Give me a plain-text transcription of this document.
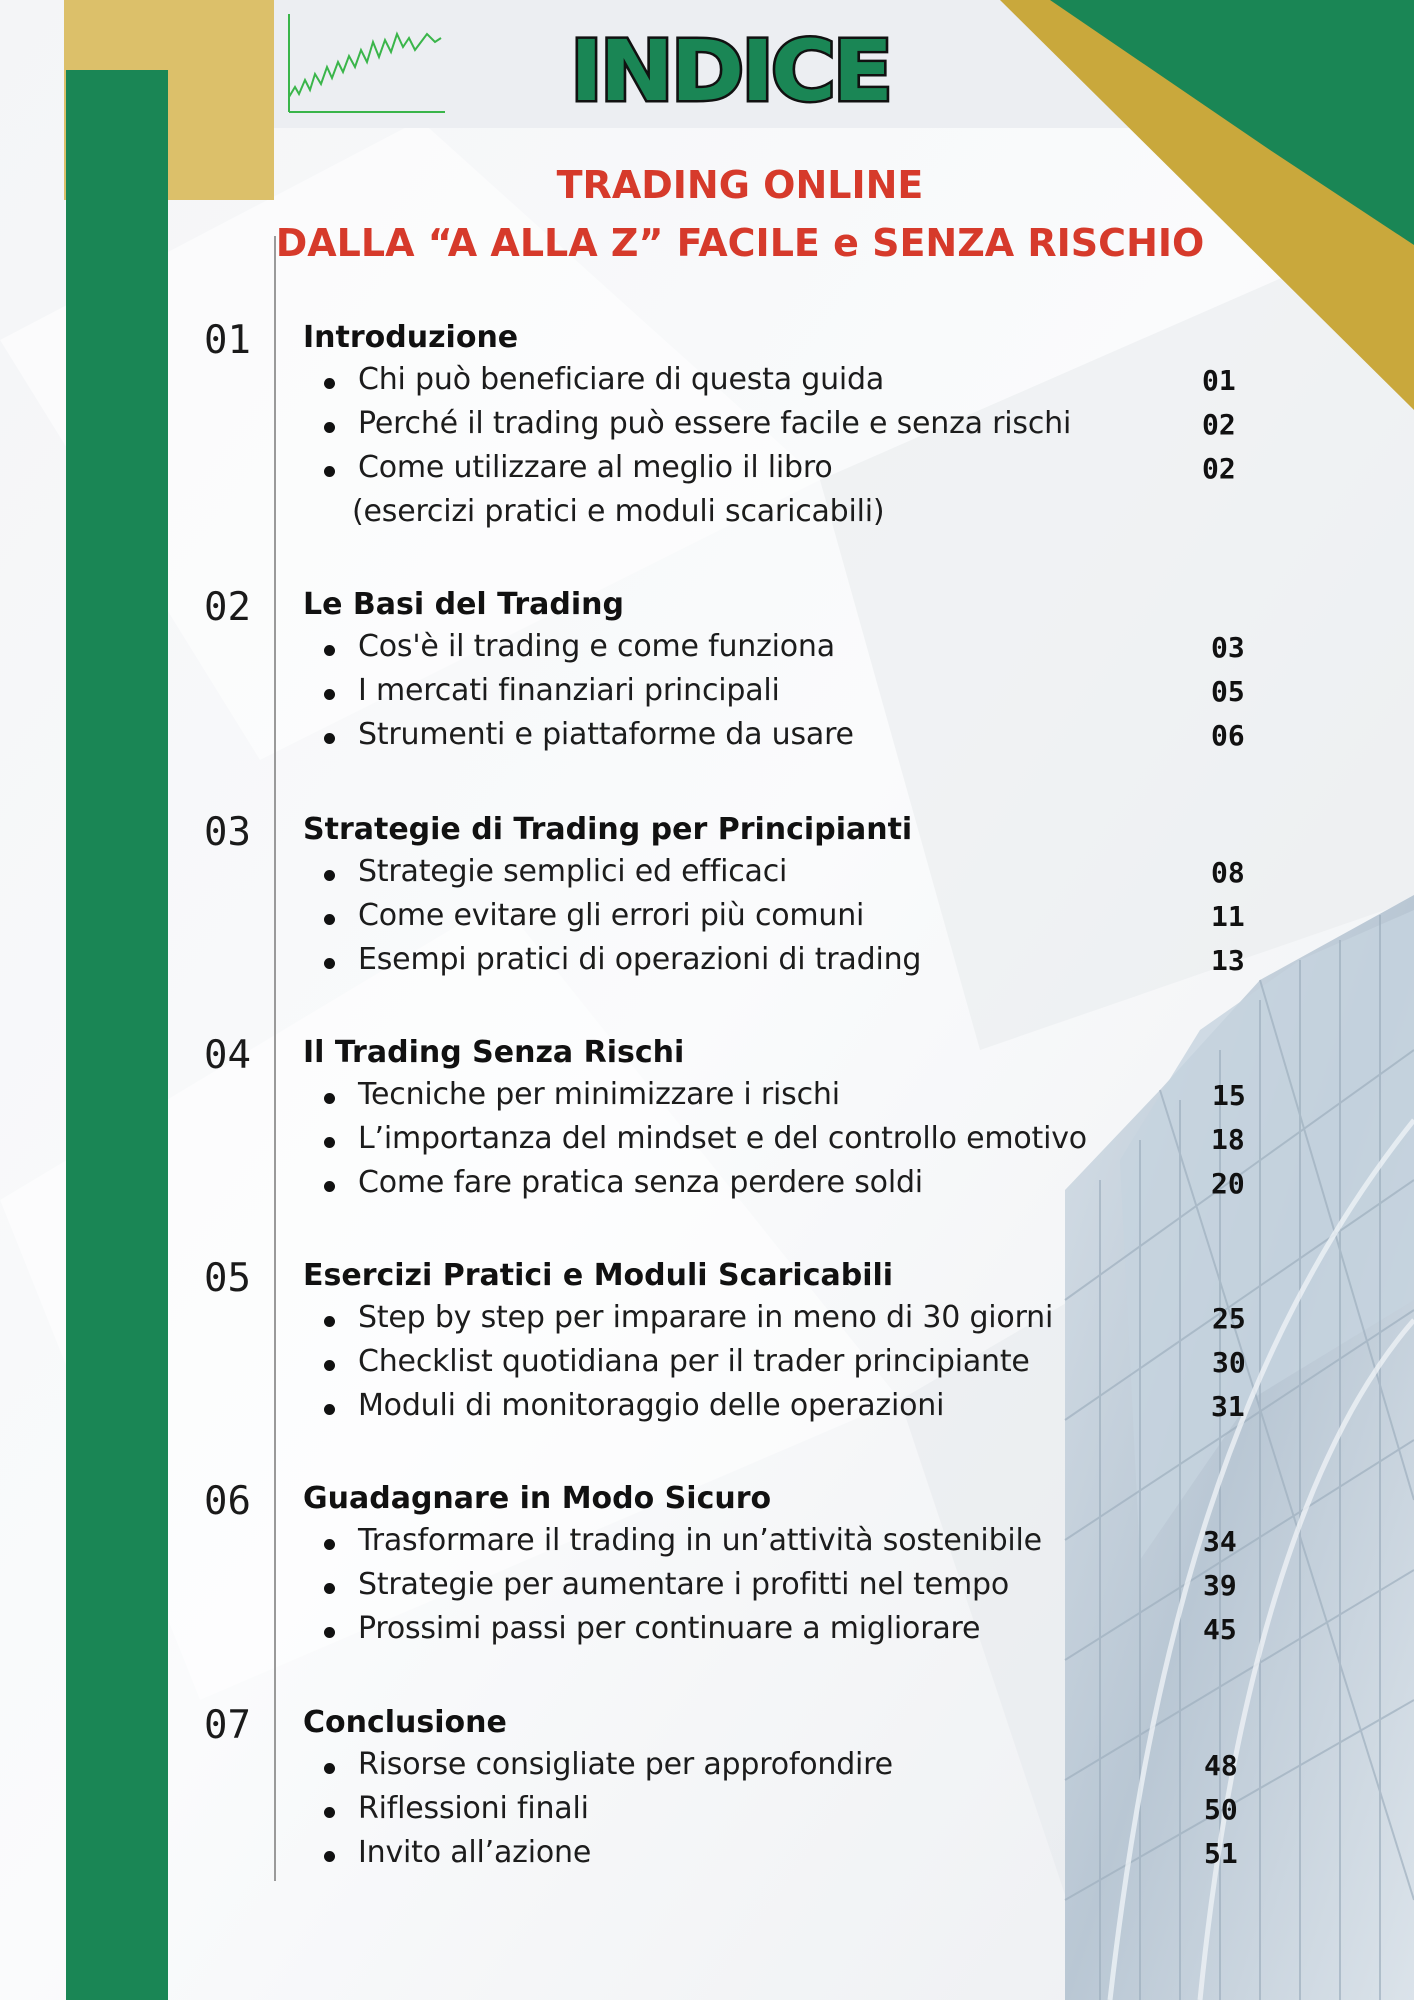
INDICE
TRADING ONLINE
DALLA “A ALLA Z” FACILE e SENZA RISCHIO
01 Introduzione
Chi può beneficiare di questa guida	01
Perché il trading può essere facile e senza rischi	02
Come utilizzare al meglio il libro	02
(esercizi pratici e moduli scaricabili)
02 Le Basi del Trading
Cos'è il trading e come funziona	03
I mercati finanziari principali	05
Strumenti e piattaforme da usare	06
03 Strategie di Trading per Principianti
Strategie semplici ed efficaci	08
Come evitare gli errori più comuni	11
Esempi pratici di operazioni di trading	13
04 Il Trading Senza Rischi
Tecniche per minimizzare i rischi	15
L’importanza del mindset e del controllo emotivo	18
Come fare pratica senza perdere soldi	20
05 Esercizi Pratici e Moduli Scaricabili
Step by step per imparare in meno di 30 giorni	25
Checklist quotidiana per il trader principiante	30
Moduli di monitoraggio delle operazioni	31
06 Guadagnare in Modo Sicuro
Trasformare il trading in un’attività sostenibile	34
Strategie per aumentare i profitti nel tempo	39
Prossimi passi per continuare a migliorare	45
07 Conclusione
Risorse consigliate per approfondire	48
Riflessioni finali	50
Invito all’azione	51
